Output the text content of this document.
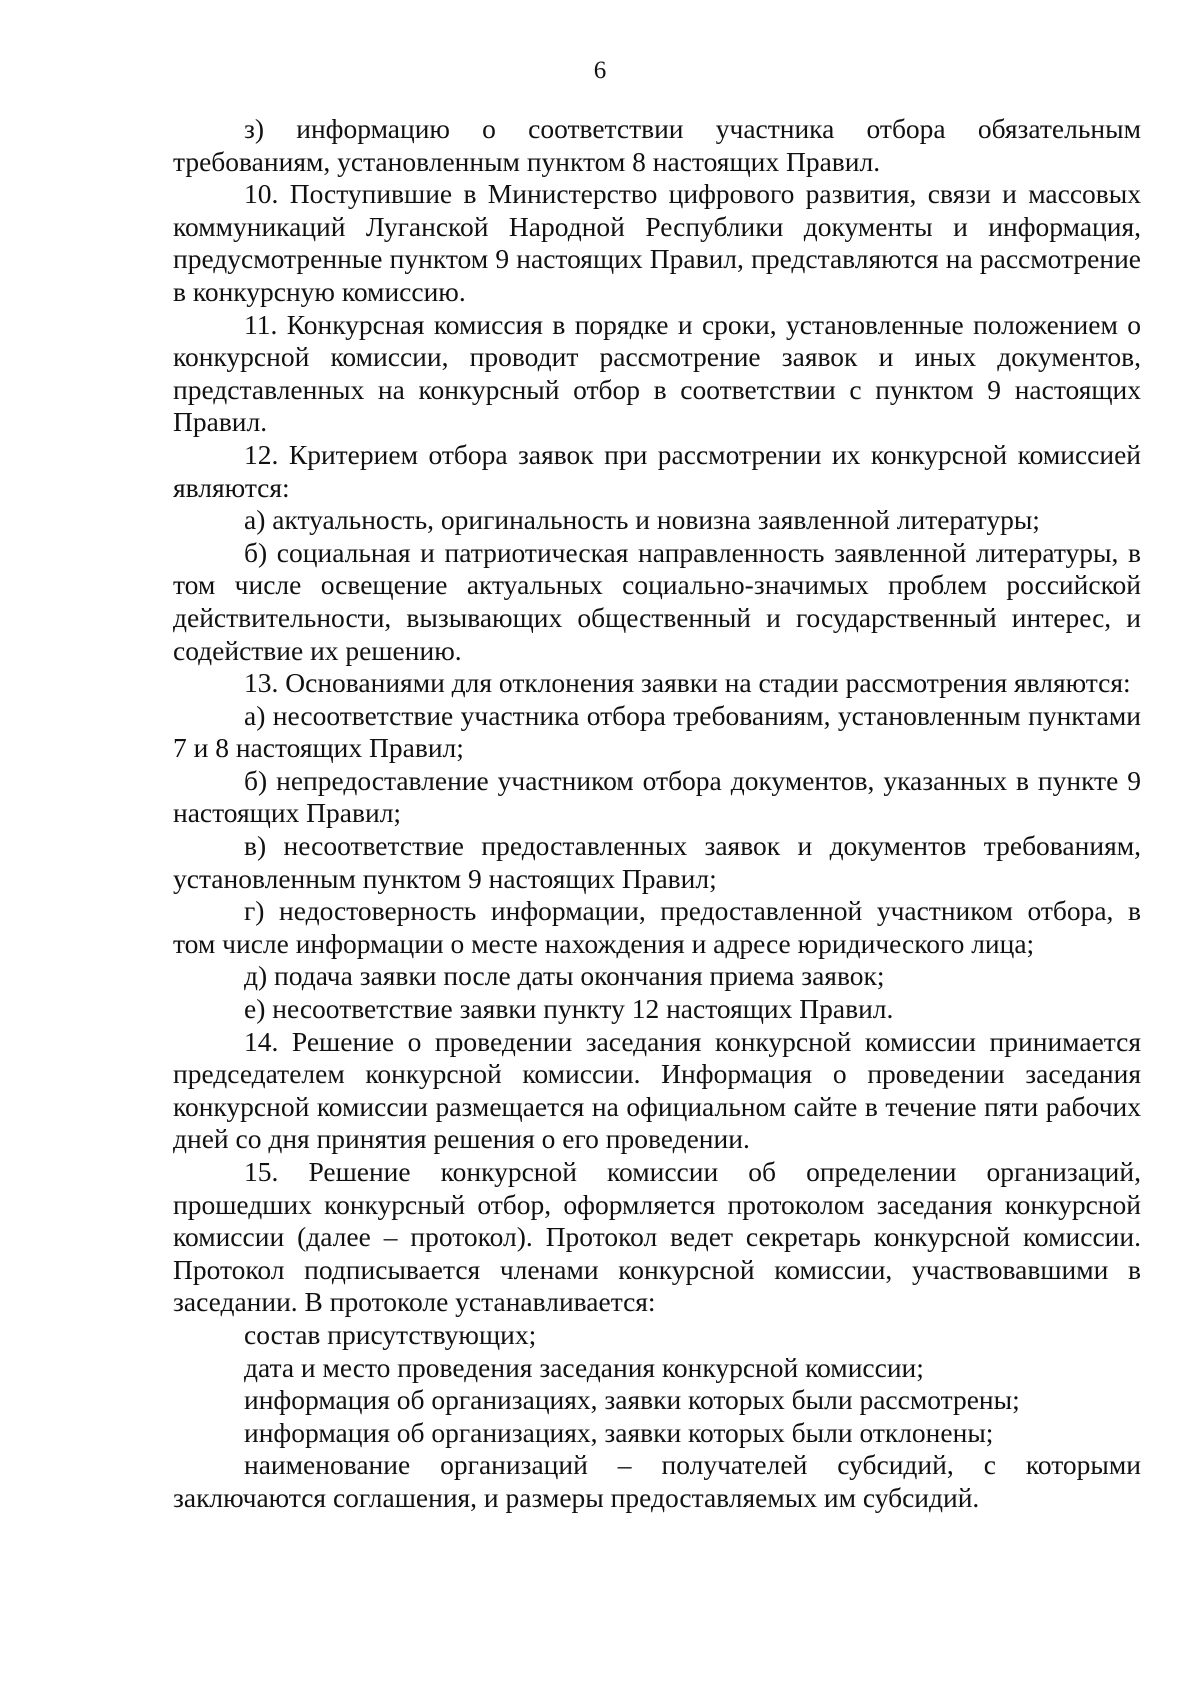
6

з) информацию о соответствии участника отбора обязательным требованиям, установленным пунктом 8 настоящих Правил.

10. Поступившие в Министерство цифрового развития, связи и массовых коммуникаций Луганской Народной Республики документы и информация, предусмотренные пунктом 9 настоящих Правил, представляются на рассмотрение в конкурсную комиссию.

11. Конкурсная комиссия в порядке и сроки, установленные положением о конкурсной комиссии, проводит рассмотрение заявок и иных документов, представленных на конкурсный отбор в соответствии с пунктом 9 настоящих Правил.

12. Критерием отбора заявок при рассмотрении их конкурсной комиссией являются:

а) актуальность, оригинальность и новизна заявленной литературы;

б) социальная и патриотическая направленность заявленной литературы, в том числе освещение актуальных социально-значимых проблем российской действительности, вызывающих общественный и государственный интерес, и содействие их решению.

13. Основаниями для отклонения заявки на стадии рассмотрения являются:

а) несоответствие участника отбора требованиям, установленным пунктами 7 и 8 настоящих Правил;

б) непредоставление участником отбора документов, указанных в пункте 9 настоящих Правил;

в) несоответствие предоставленных заявок и документов требованиям, установленным пунктом 9 настоящих Правил;

г) недостоверность информации, предоставленной участником отбора, в том числе информации о месте нахождения и адресе юридического лица;

д) подача заявки после даты окончания приема заявок;

е) несоответствие заявки пункту 12 настоящих Правил.

14. Решение о проведении заседания конкурсной комиссии принимается председателем конкурсной комиссии. Информация о проведении заседания конкурсной комиссии размещается на официальном сайте в течение пяти рабочих дней со дня принятия решения о его проведении.

15. Решение конкурсной комиссии об определении организаций, прошедших конкурсный отбор, оформляется протоколом заседания конкурсной комиссии (далее – протокол). Протокол ведет секретарь конкурсной комиссии. Протокол подписывается членами конкурсной комиссии, участвовавшими в заседании. В протоколе устанавливается:

состав присутствующих;

дата и место проведения заседания конкурсной комиссии;

информация об организациях, заявки которых были рассмотрены;

информация об организациях, заявки которых были отклонены;

наименование организаций – получателей субсидий, с которыми заключаются соглашения, и размеры предоставляемых им субсидий.
